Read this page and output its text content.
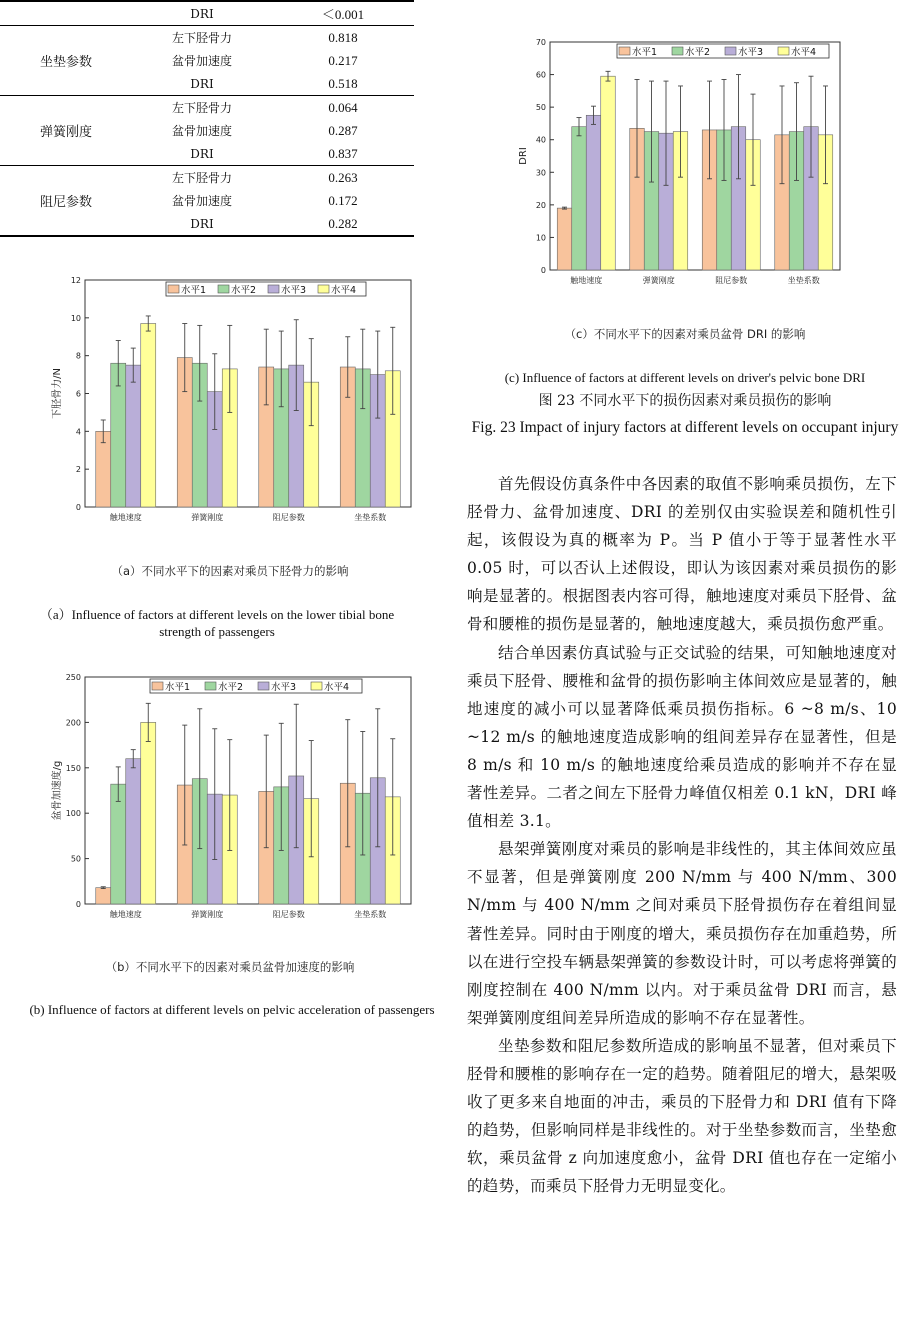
	DRI	＜0.001
坐垫参数	左下胫骨力	0.818
	盆骨加速度	0.217
	DRI	0.518
弹簧刚度	左下胫骨力	0.064
	盆骨加速度	0.287
	DRI	0.837
阻尼参数	左下胫骨力	0.263
	盆骨加速度	0.172
	DRI	0.282
0
2
4
6
8
10
12
下胫骨力/N
触地速度	弹簧刚度	阻尼参数	坐垫系数
水平1	水平2	水平3	水平4
（a）不同水平下的因素对乘员下胫骨力的影响
（a）Influence of factors at different levels on the lower tibial bone strength of passengers
0
50
100
150
200
250
盆骨加速度/g
触地速度	弹簧刚度	阻尼参数	坐垫系数
水平1	水平2	水平3	水平4
（b）不同水平下的因素对乘员盆骨加速度的影响
(b) Influence of factors at different levels on pelvic acceleration of passengers
0
10
20
30
40
50
60
70
DRI
触地速度	弹簧刚度	阻尼参数	坐垫系数
水平1	水平2	水平3	水平4
（c）不同水平下的因素对乘员盆骨 DRI 的影响
(c) Influence of factors at different levels on driver's pelvic bone DRI
图 23 不同水平下的损伤因素对乘员损伤的影响
Fig. 23 Impact of injury factors at different levels on occupant injury

首先假设仿真条件中各因素的取值不影响乘员损伤，左下胫骨力、盆骨加速度、DRI 的差别仅由实验误差和随机性引起，该假设为真的概率为 P。当 P 值小于等于显著性水平 0.05 时，可以否认上述假设，即认为该因素对乘员损伤的影响是显著的。根据图表内容可得，触地速度对乘员下胫骨、盆骨和腰椎的损伤是显著的，触地速度越大，乘员损伤愈严重。

结合单因素仿真试验与正交试验的结果，可知触地速度对乘员下胫骨、腰椎和盆骨的损伤影响主体间效应是显著的，触地速度的减小可以显著降低乘员损伤指标。6 ~8 m/s、10 ~12 m/s 的触地速度造成影响的组间差异存在显著性，但是 8 m/s 和 10 m/s 的触地速度给乘员造成的影响并不存在显著性差异。二者之间左下胫骨力峰值仅相差 0.1 kN，DRI 峰值相差 3.1。

悬架弹簧刚度对乘员的影响是非线性的，其主体间效应虽不显著，但是弹簧刚度 200 N/mm 与 400 N/mm、300 N/mm 与 400 N/mm 之间对乘员下胫骨损伤存在着组间显著性差异。同时由于刚度的增大，乘员损伤存在加重趋势，所以在进行空投车辆悬架弹簧的参数设计时，可以考虑将弹簧的刚度控制在 400 N/mm 以内。对于乘员盆骨 DRI 而言，悬架弹簧刚度组间差异所造成的影响不存在显著性。

坐垫参数和阻尼参数所造成的影响虽不显著，但对乘员下胫骨和腰椎的影响存在一定的趋势。随着阻尼的增大，悬架吸收了更多来自地面的冲击，乘员的下胫骨力和 DRI 值有下降的趋势，但影响同样是非线性的。对于坐垫参数而言，坐垫愈软，乘员盆骨 z 向加速度愈小，盆骨 DRI 值也存在一定缩小的趋势，而乘员下胫骨力无明显变化。
